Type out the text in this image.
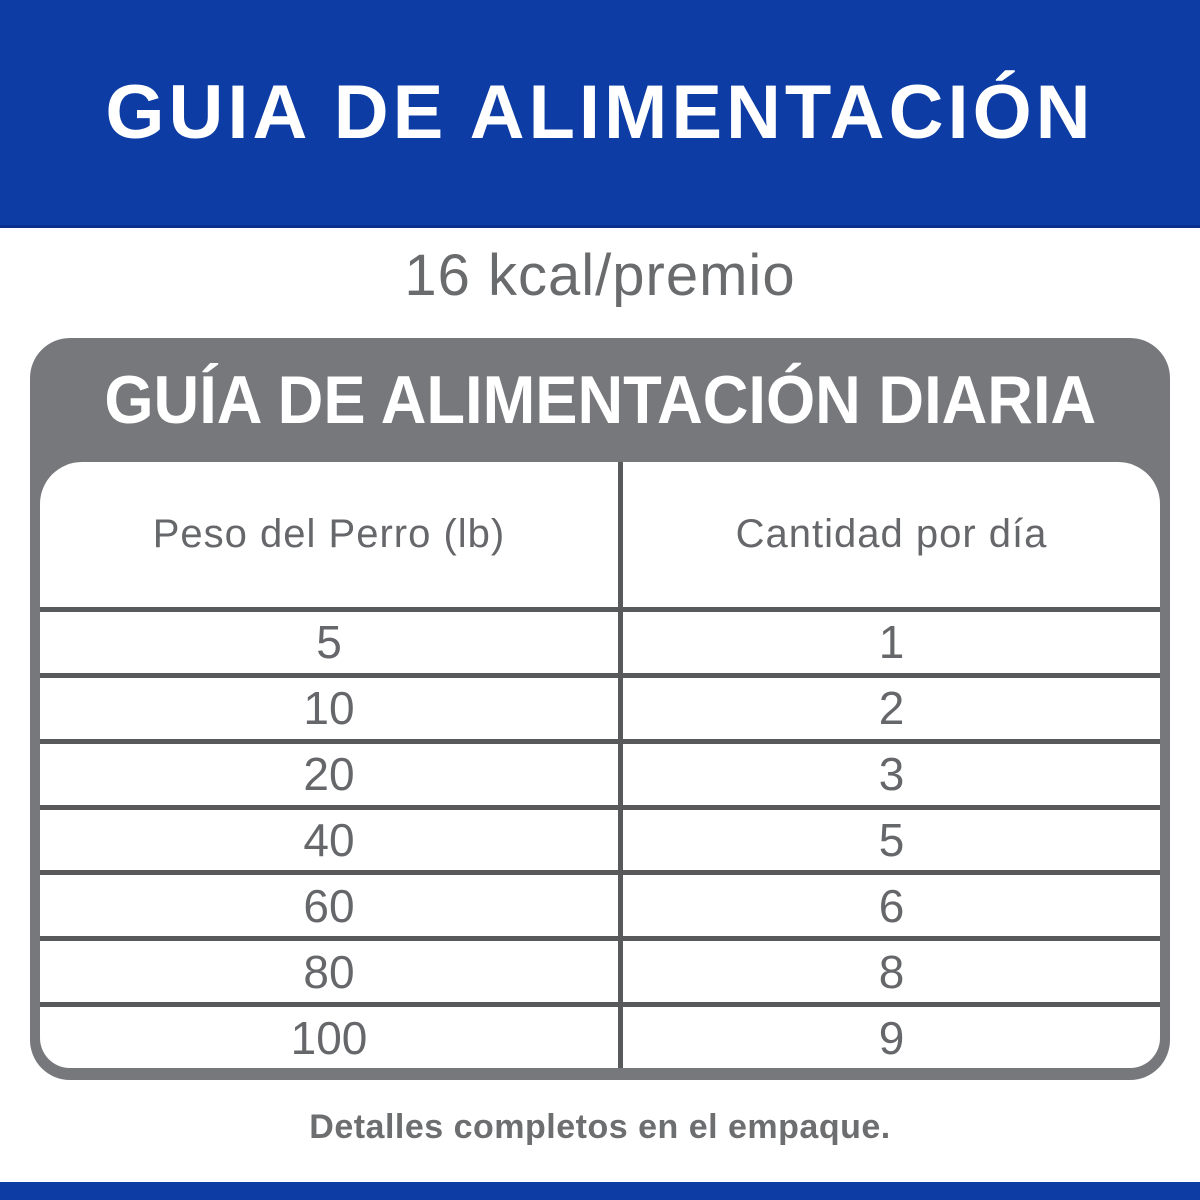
GUIA DE ALIMENTACIÓN
16 kcal/premio
GUÍA DE ALIMENTACIÓN DIARIA
Peso del Perro (lb)	Cantidad por día
5	1
10	2
20	3
40	5
60	6
80	8
100	9
Detalles completos en el empaque.
